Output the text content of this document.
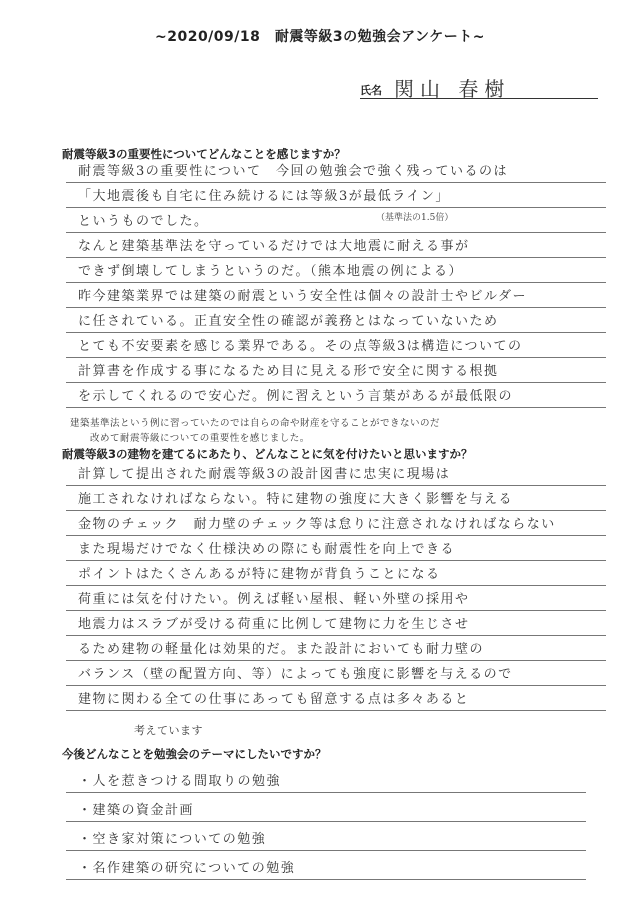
~2020/09/18　耐震等級3の勉強会アンケート~
氏名 関山 春樹
耐震等級3の重要性についてどんなことを感じますか？
耐震等級3の重要性について　今回の勉強会で強く残っているのは
「大地震後も自宅に住み続けるには等級3が最低ライン」
というものでした。
なんと建築基準法を守っているだけでは大地震に耐える事が
できず倒壊してしまうというのだ。（熊本地震の例による）
昨今建築業界では建築の耐震という安全性は個々の設計士やビルダー
に任されている。正直安全性の確認が義務とはなっていないため
とても不安要素を感じる業界である。その点等級3は構造についての
計算書を作成する事になるため目に見える形で安全に関する根拠
を示してくれるので安心だ。例に習えという言葉があるが最低限の
（基準法の1.5倍）
建築基準法という例に習っていたのでは自らの命や財産を守ることができないのだ
改めて耐震等級についての重要性を感じました。
耐震等級3の建物を建てるにあたり、どんなことに気を付けたいと思いますか？
計算して提出された耐震等級3の設計図書に忠実に現場は
施工されなければならない。特に建物の強度に大きく影響を与える
金物のチェック　耐力壁のチェック等は怠りに注意されなければならない
また現場だけでなく仕様決めの際にも耐震性を向上できる
ポイントはたくさんあるが特に建物が背負うことになる
荷重には気を付けたい。例えば軽い屋根、軽い外壁の採用や
地震力はスラブが受ける荷重に比例して建物に力を生じさせ
るため建物の軽量化は効果的だ。また設計においても耐力壁の
バランス（壁の配置方向、等）によっても強度に影響を与えるので
建物に関わる全ての仕事にあっても留意する点は多々あると
考えています
今後どんなことを勉強会のテーマにしたいですか？
・人を惹きつける間取りの勉強
・建築の資金計画
・空き家対策についての勉強
・名作建築の研究についての勉強
